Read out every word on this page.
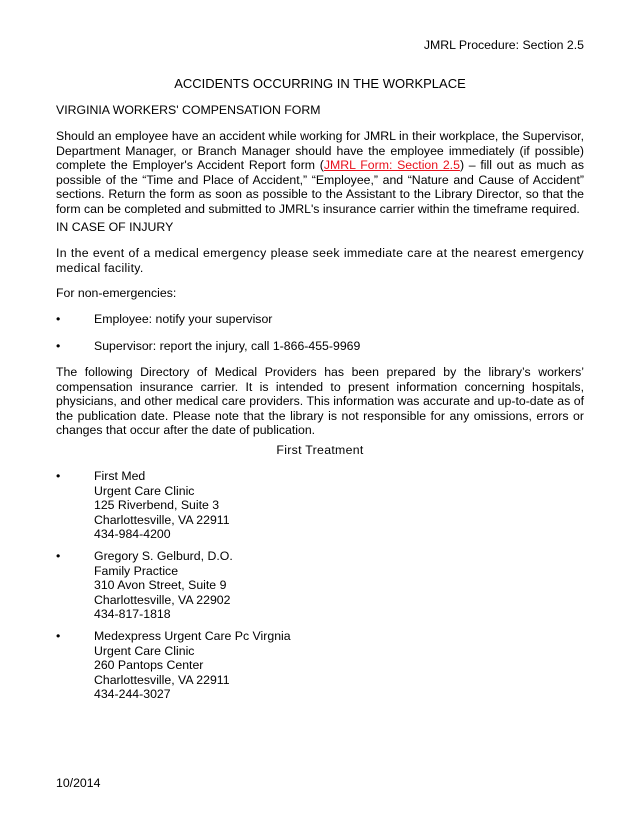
JMRL Procedure: Section 2.5
ACCIDENTS OCCURRING IN THE WORKPLACE
VIRGINIA WORKERS' COMPENSATION FORM
Should an employee have an accident while working for JMRL in their workplace, the Supervisor, Department Manager, or Branch Manager should have the employee immediately (if possible) complete the Employer's Accident Report form (JMRL Form: Section 2.5) – fill out as much as possible of the “Time and Place of Accident,” “Employee,” and “Nature and Cause of Accident” sections. Return the form as soon as possible to the Assistant to the Library Director, so that the form can be completed and submitted to JMRL's insurance carrier within the timeframe required.
IN CASE OF INJURY
In the event of a medical emergency please seek immediate care at the nearest emergency medical facility.
For non-emergencies:
•	Employee: notify your supervisor
•	Supervisor: report the injury, call 1-866-455-9969
The following Directory of Medical Providers has been prepared by the library’s workers’ compensation insurance carrier. It is intended to present information concerning hospitals, physicians, and other medical care providers. This information was accurate and up-to-date as of the publication date. Please note that the library is not responsible for any omissions, errors or changes that occur after the date of publication.
First Treatment
•	First Med
Urgent Care Clinic
125 Riverbend, Suite 3
Charlottesville, VA 22911
434-984-4200
•	Gregory S. Gelburd, D.O.
Family Practice
310 Avon Street, Suite 9
Charlottesville, VA 22902
434-817-1818
•	Medexpress Urgent Care Pc Virgnia
Urgent Care Clinic
260 Pantops Center
Charlottesville, VA 22911
434-244-3027
10/2014
